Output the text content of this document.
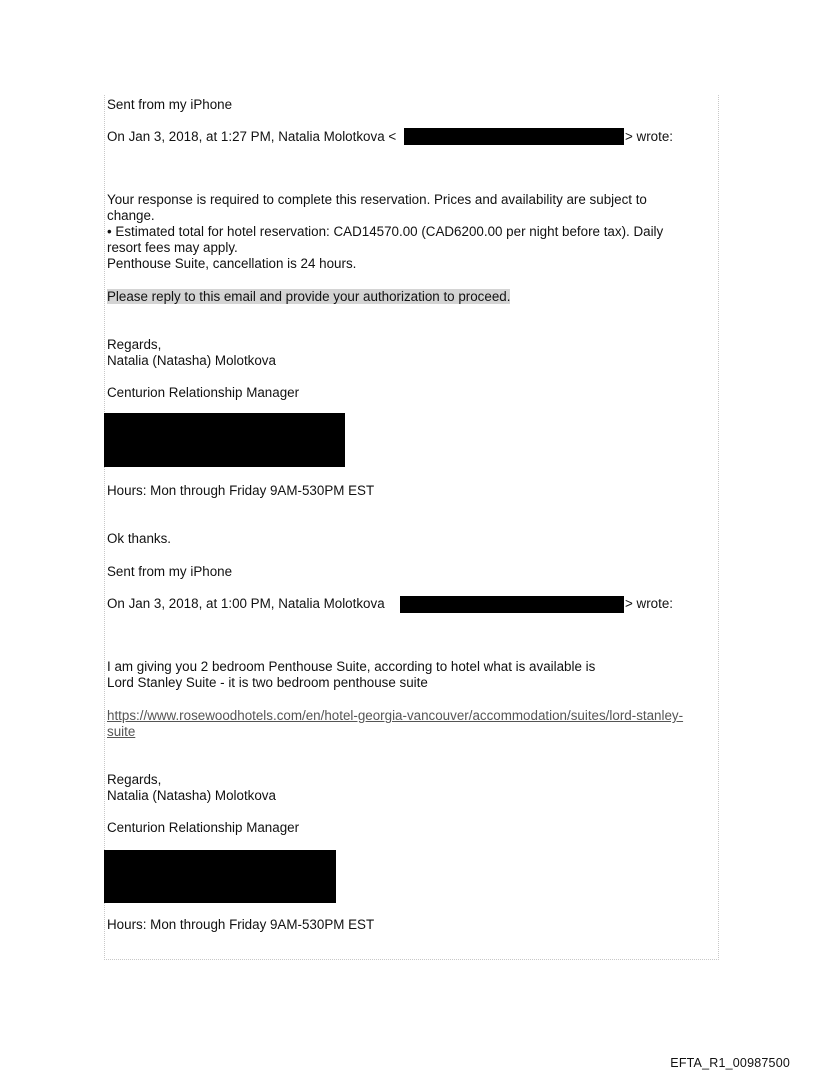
Sent from my iPhone
On Jan 3, 2018, at 1:27 PM, Natalia Molotkova <	> wrote:
Your response is required to complete this reservation. Prices and availability are subject to
change.
• Estimated total for hotel reservation: CAD14570.00 (CAD6200.00 per night before tax). Daily
resort fees may apply.
Penthouse Suite, cancellation is 24 hours.
Please reply to this email and provide your authorization to proceed.
Regards,
Natalia (Natasha) Molotkova
Centurion Relationship Manager
Hours: Mon through Friday 9AM-530PM EST
Ok thanks.
Sent from my iPhone
On Jan 3, 2018, at 1:00 PM, Natalia Molotkova	> wrote:
I am giving you 2 bedroom Penthouse Suite, according to hotel what is available is
Lord Stanley Suite - it is two bedroom penthouse suite
https://www.rosewoodhotels.com/en/hotel-georgia-vancouver/accommodation/suites/lord-stanley-
suite
Regards,
Natalia (Natasha) Molotkova
Centurion Relationship Manager
Hours: Mon through Friday 9AM-530PM EST
EFTA_R1_00987500
